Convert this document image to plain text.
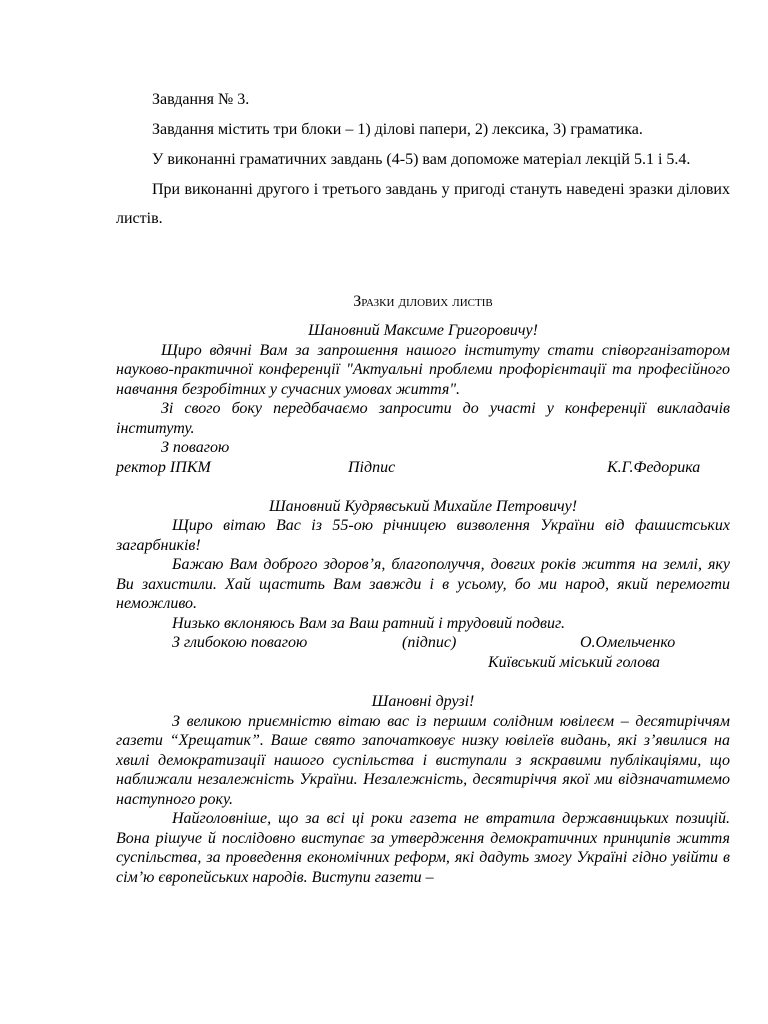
Завдання № 3.

Завдання містить три блоки – 1) ділові папери, 2) лексика, 3) граматика.

У виконанні граматичних завдань (4-5) вам допоможе матеріал лекцій 5.1 і 5.4.

При виконанні другого і третього завдань у пригоді стануть наведені зразки ділових листів.

Зразки ділових листів

Шановний Максиме Григоровичу!

Щиро вдячні Вам за запрошення нашого інституту стати співорганізатором науково-практичної конференції "Актуальні проблеми профорієнтації та професійного навчання безробітних у сучасних умовах життя".

Зі свого боку передбачаємо запросити до участі у конференції викладачів інституту.

З повагою

ректор ІПКМ	Підпис	К.Г.Федорика

Шановний Кудрявський Михайле Петровичу!

Щиро вітаю Вас із 55-ою річницею визволення України від фашистських загарбників!

Бажаю Вам доброго здоров’я, благополуччя, довгих років життя на землі, яку Ви захистили. Хай щастить Вам завжди і в усьому, бо ми народ, який перемогти неможливо.

Низько вклоняюсь Вам за Ваш ратний і трудовий подвиг.

З глибокою повагою	(підпис)	О.Омельченко
Київський міський голова

Шановні друзі!

З великою приємністю вітаю вас із першим солідним ювілеєм – десятиріччям газети “Хрещатик”. Ваше свято започатковує низку ювілеїв видань, які з’явилися на хвилі демократизації нашого суспільства і виступали з яскравими публікаціями, що наближали незалежність України. Незалежність, десятиріччя якої ми відзначатимемо наступного року.

Найголовніше, що за всі ці роки газета не втратила державницьких позицій. Вона рішуче й послідовно виступає за утвердження демократичних принципів життя суспільства, за проведення економічних реформ, які дадуть змогу Україні гідно увійти в сім’ю європейських народів. Виступи газети –
